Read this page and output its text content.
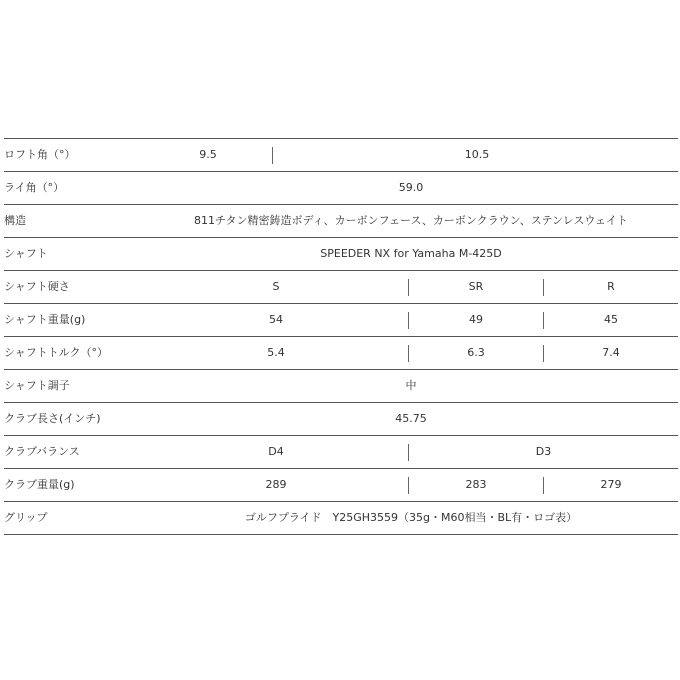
ロフト角（°）	9.5	10.5
ライ角（°）	59.0
構造	811チタン精密鋳造ボディ、カーボンフェース、カーボンクラウン、ステンレスウェイト
シャフト	SPEEDER NX for Yamaha M-425D
シャフト硬さ	S	SR	R
シャフト重量(g)	54	49	45
シャフトトルク（°）	5.4	6.3	7.4
シャフト調子	中
クラブ長さ(インチ)	45.75
クラブバランス	D4	D3
クラブ重量(g)	289	283	279
グリップ	ゴルフプライド　Y25GH3559（35g・M60相当・BL有・ロゴ表）
